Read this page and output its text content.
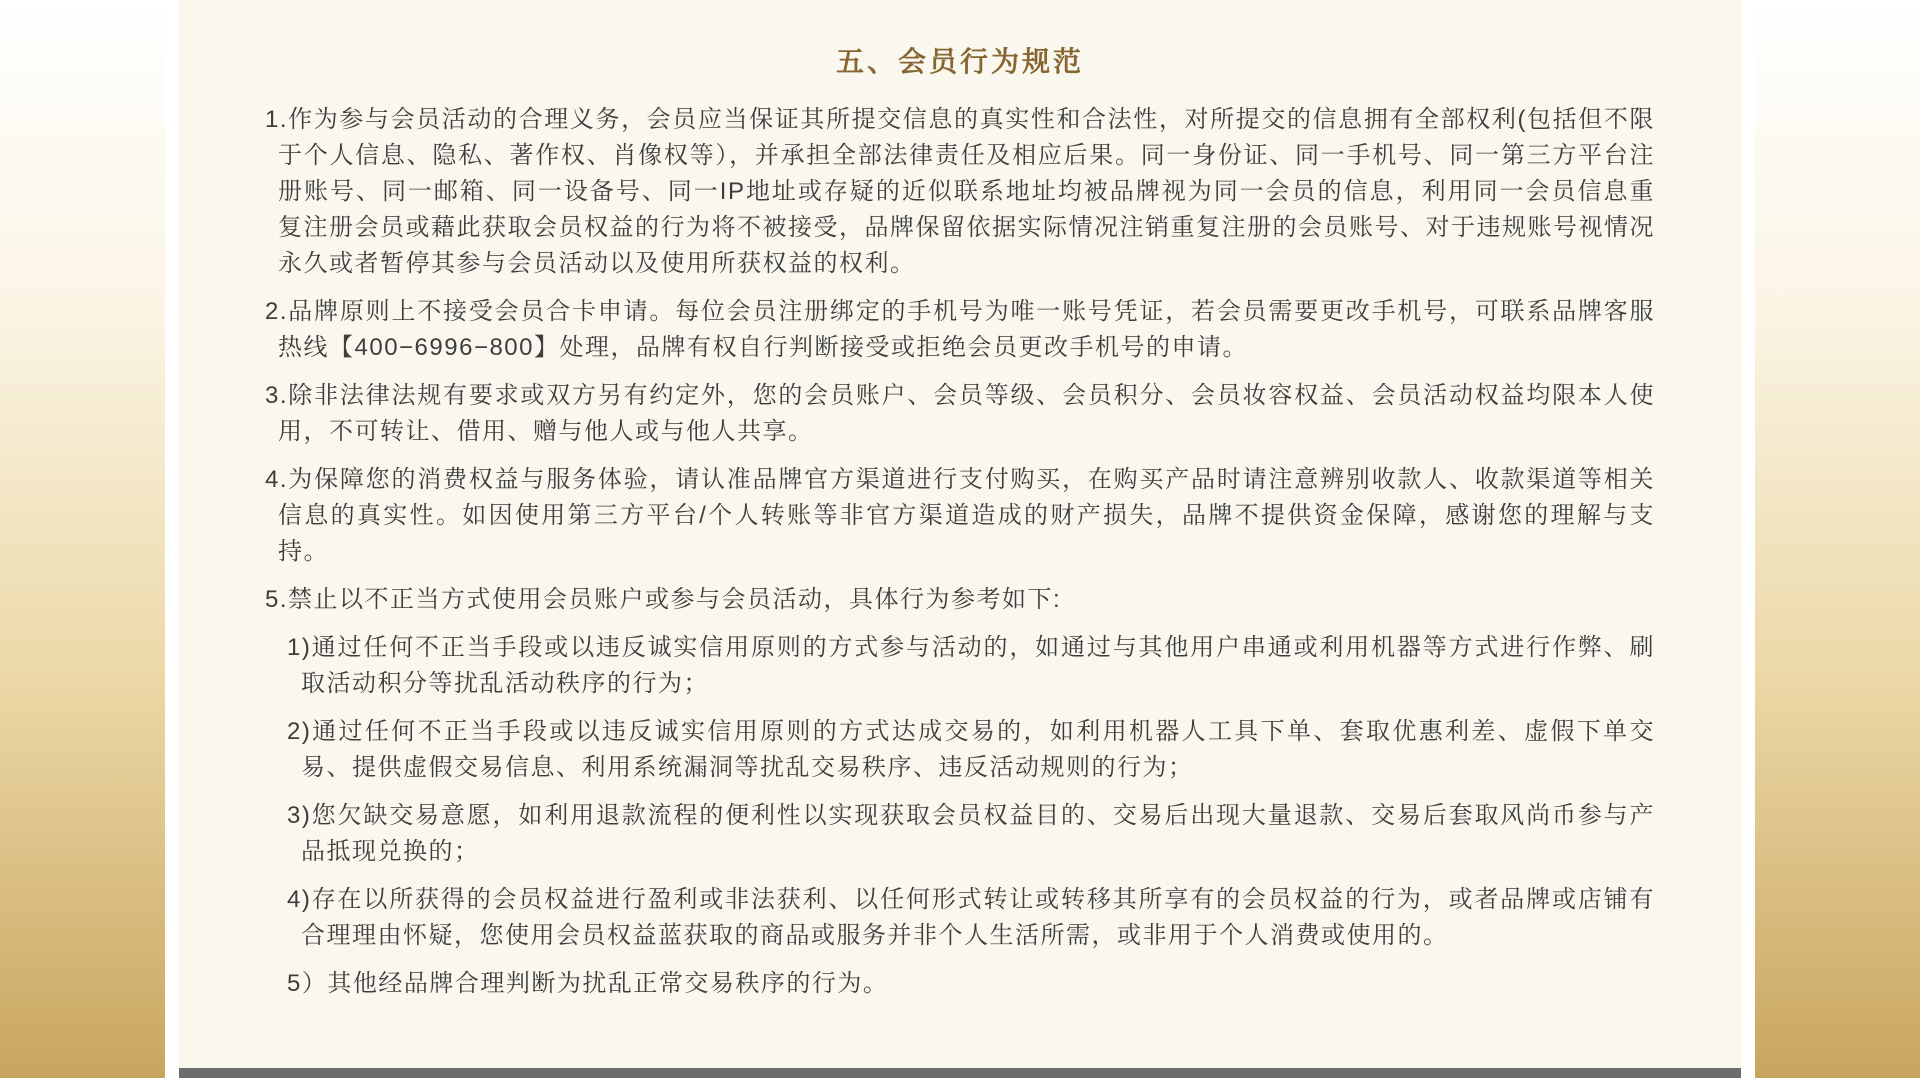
五、会员行为规范

1.作为参与会员活动的合理义务，会员应当保证其所提交信息的真实性和合法性，对所提交的信息拥有全部权利(包括但不限于个人信息、隐私、著作权、肖像权等），并承担全部法律责任及相应后果。同一身份证、同一手机号、同一第三方平台注册账号、同一邮箱、同一设备号、同一IP地址或存疑的近似联系地址均被品牌视为同一会员的信息，利用同一会员信息重复注册会员或藉此获取会员权益的行为将不被接受，品牌保留依据实际情况注销重复注册的会员账号、对于违规账号视情况永久或者暂停其参与会员活动以及使用所获权益的权利。

2.品牌原则上不接受会员合卡申请。每位会员注册绑定的手机号为唯一账号凭证，若会员需要更改手机号，可联系品牌客服热线【400−6996−800】处理，品牌有权自行判断接受或拒绝会员更改手机号的申请。

3.除非法律法规有要求或双方另有约定外，您的会员账户、会员等级、会员积分、会员妆容权益、会员活动权益均限本人使用，不可转让、借用、赠与他人或与他人共享。

4.为保障您的消费权益与服务体验，请认准品牌官方渠道进行支付购买，在购买产品时请注意辨别收款人、收款渠道等相关信息的真实性。如因使用第三方平台/个人转账等非官方渠道造成的财产损失，品牌不提供资金保障，感谢您的理解与支持。

5.禁止以不正当方式使用会员账户或参与会员活动，具体行为参考如下:

1)通过任何不正当手段或以违反诚实信用原则的方式参与活动的，如通过与其他用户串通或利用机器等方式进行作弊、刷取活动积分等扰乱活动秩序的行为；

2)通过任何不正当手段或以违反诚实信用原则的方式达成交易的，如利用机器人工具下单、套取优惠利差、虚假下单交易、提供虚假交易信息、利用系统漏洞等扰乱交易秩序、违反活动规则的行为；

3)您欠缺交易意愿，如利用退款流程的便利性以实现获取会员权益目的、交易后出现大量退款、交易后套取风尚币参与产品抵现兑换的；

4)存在以所获得的会员权益进行盈利或非法获利、以任何形式转让或转移其所享有的会员权益的行为，或者品牌或店铺有合理理由怀疑，您使用会员权益蓝获取的商品或服务并非个人生活所需，或非用于个人消费或使用的。

5）其他经品牌合理判断为扰乱正常交易秩序的行为。
